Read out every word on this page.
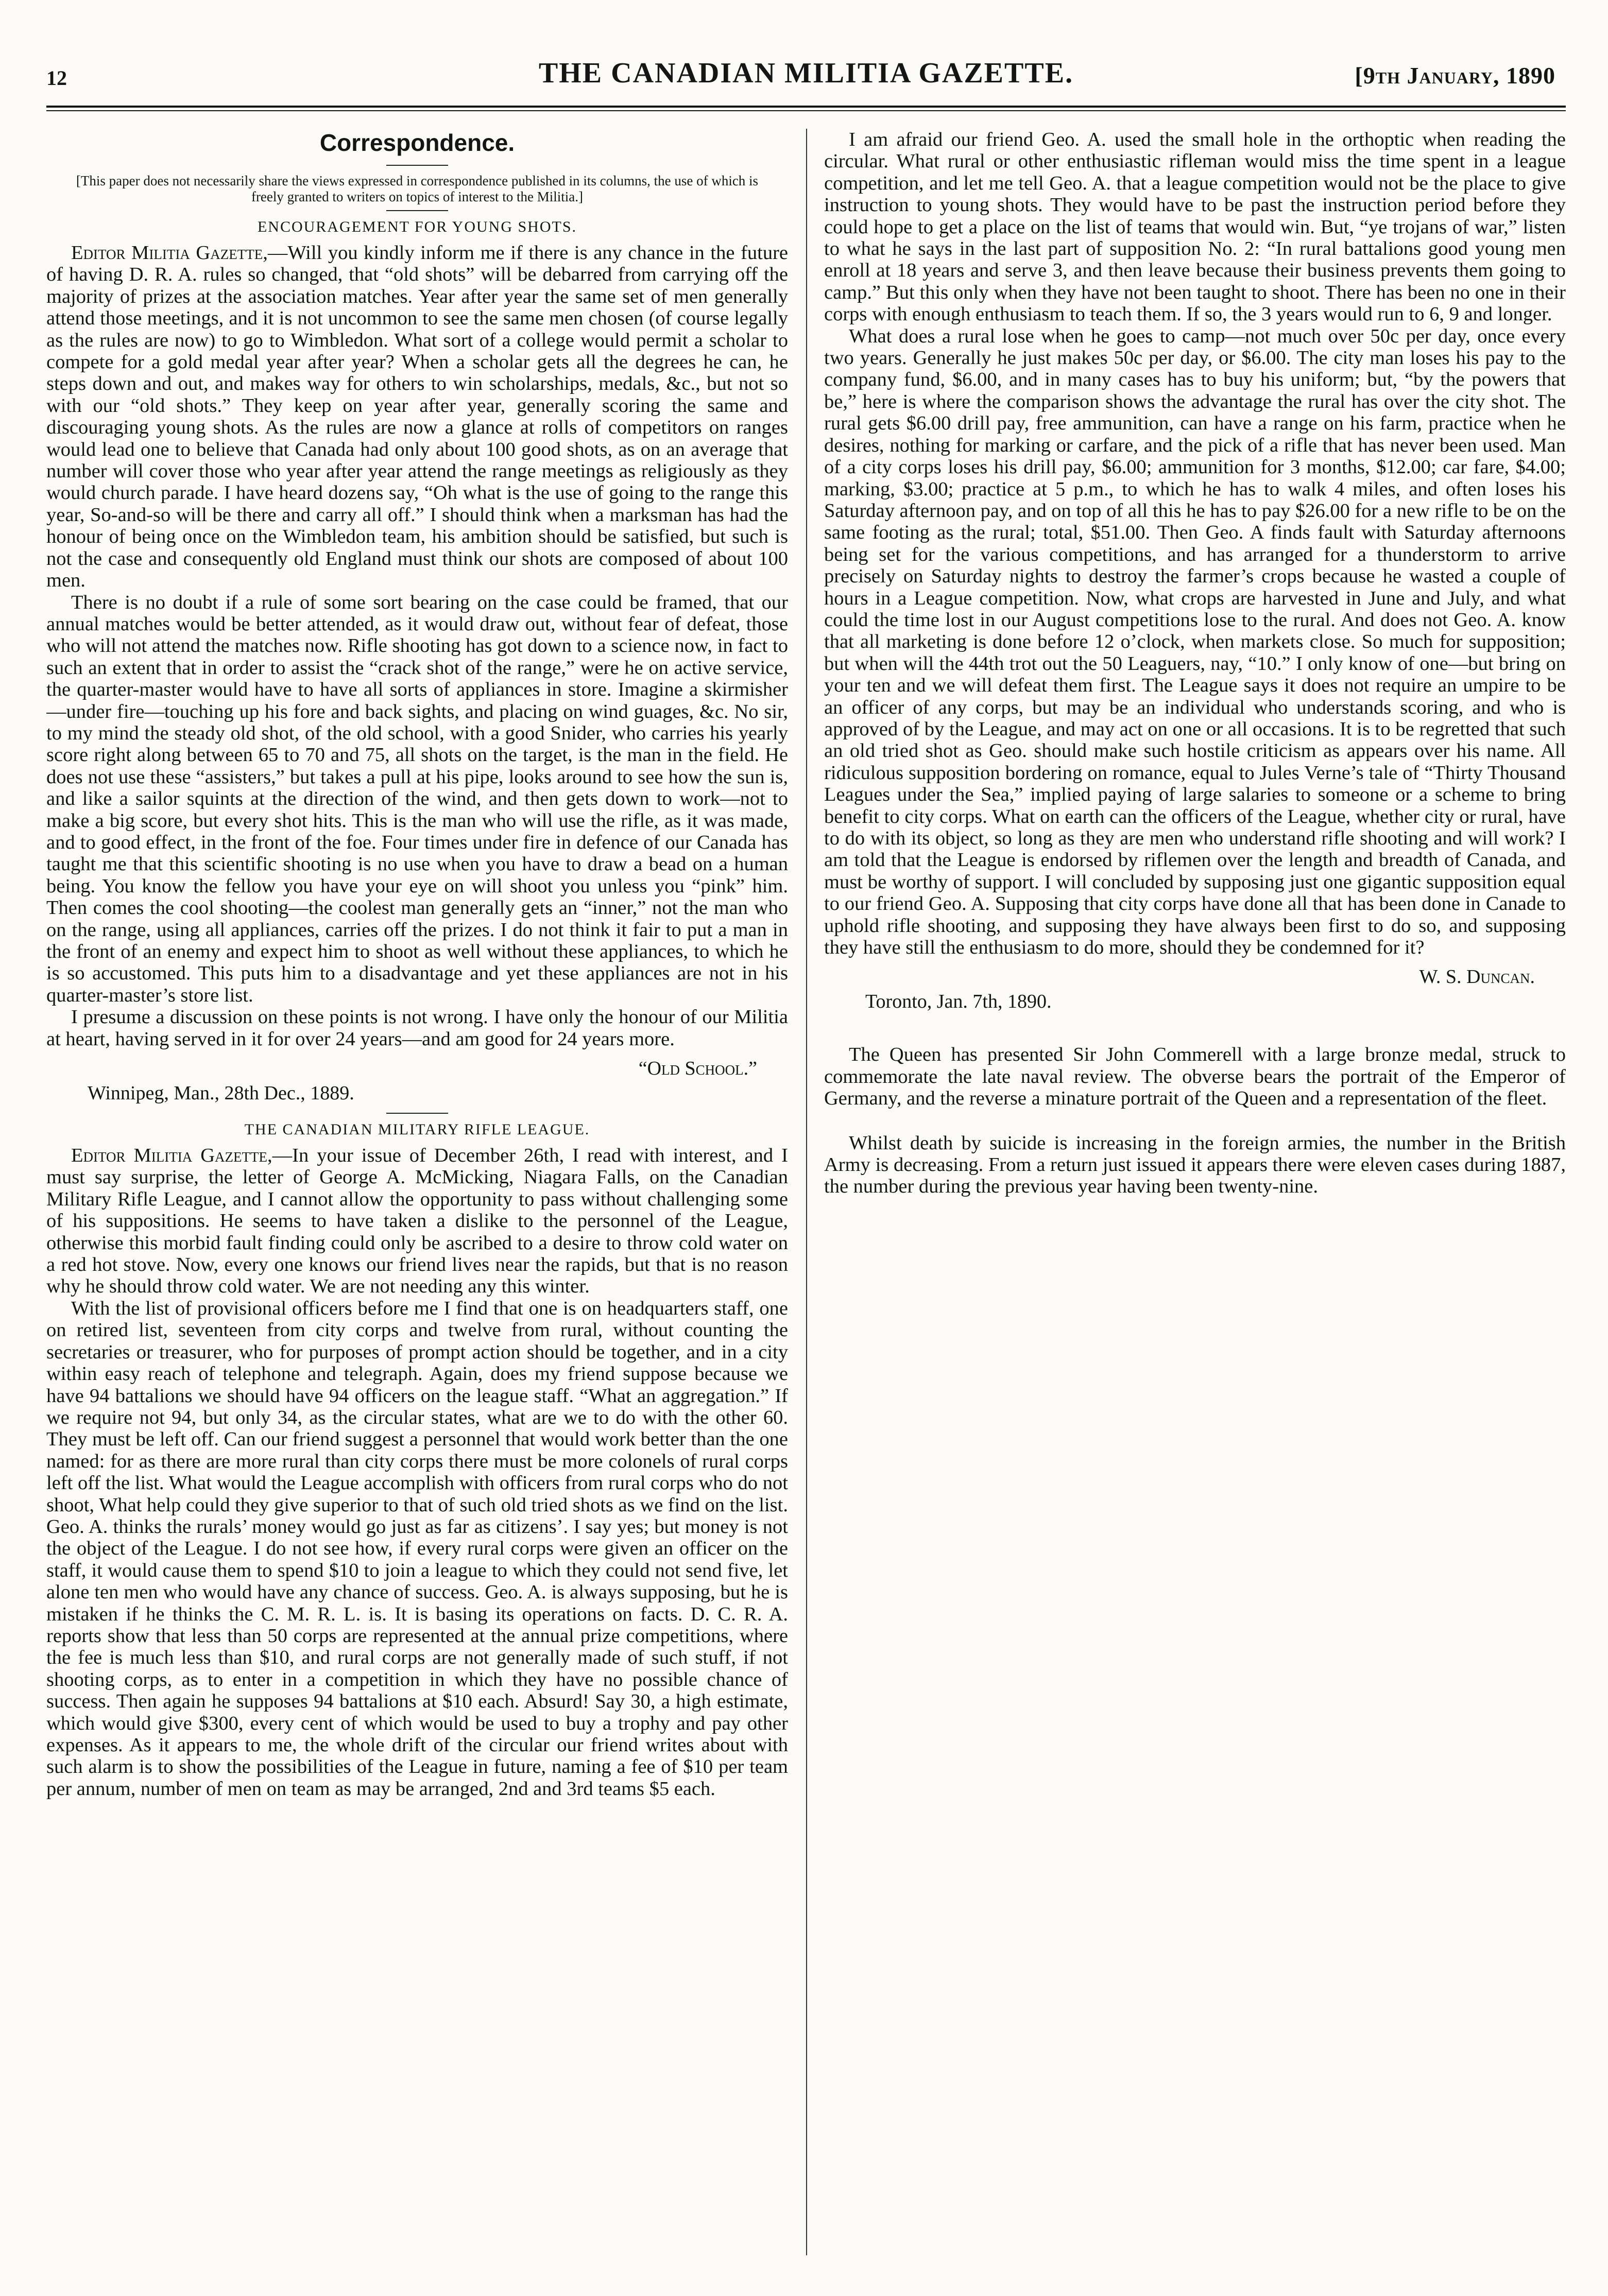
12	THE CANADIAN MILITIA GAZETTE.	[9th January, 1890
Correspondence.
[This paper does not necessarily share the views expressed in correspondence published in its columns, the use of which is freely granted to writers on topics of interest to the Militia.]
ENCOURAGEMENT FOR YOUNG SHOTS.

Editor Militia Gazette,—Will you kindly inform me if there is any chance in the future of having D. R. A. rules so changed, that “old shots” will be debarred from carrying off the majority of prizes at the association matches. Year after year the same set of men generally attend those meetings, and it is not uncommon to see the same men chosen (of course legally as the rules are now) to go to Wimbledon. What sort of a college would permit a scholar to compete for a gold medal year after year? When a scholar gets all the degrees he can, he steps down and out, and makes way for others to win scholarships, medals, &c., but not so with our “old shots.” They keep on year after year, generally scoring the same and discouraging young shots. As the rules are now a glance at rolls of competitors on ranges would lead one to believe that Canada had only about 100 good shots, as on an average that number will cover those who year after year attend the range meetings as religiously as they would church parade. I have heard dozens say, “Oh what is the use of going to the range this year, So-and-so will be there and carry all off.” I should think when a marksman has had the honour of being once on the Wimbledon team, his ambition should be satisfied, but such is not the case and consequently old England must think our shots are composed of about 100 men.

There is no doubt if a rule of some sort bearing on the case could be framed, that our annual matches would be better attended, as it would draw out, without fear of defeat, those who will not attend the matches now. Rifle shooting has got down to a science now, in fact to such an extent that in order to assist the “crack shot of the range,” were he on active service, the quarter-master would have to have all sorts of appliances in store. Imagine a skirmisher—under fire—touching up his fore and back sights, and placing on wind guages, &c. No sir, to my mind the steady old shot, of the old school, with a good Snider, who carries his yearly score right along between 65 to 70 and 75, all shots on the target, is the man in the field. He does not use these “assisters,” but takes a pull at his pipe, looks around to see how the sun is, and like a sailor squints at the direction of the wind, and then gets down to work—not to make a big score, but every shot hits. This is the man who will use the rifle, as it was made, and to good effect, in the front of the foe. Four times under fire in defence of our Canada has taught me that this scientific shooting is no use when you have to draw a bead on a human being. You know the fellow you have your eye on will shoot you unless you “pink” him. Then comes the cool shooting—the coolest man generally gets an “inner,” not the man who on the range, using all appliances, carries off the prizes. I do not think it fair to put a man in the front of an enemy and expect him to shoot as well without these appliances, to which he is so accustomed. This puts him to a disadvantage and yet these appliances are not in his quarter-master’s store list.

I presume a discussion on these points is not wrong. I have only the honour of our Militia at heart, having served in it for over 24 years—and am good for 24 years more.

“Old School.”
Winnipeg, Man., 28th Dec., 1889.
THE CANADIAN MILITARY RIFLE LEAGUE.

Editor Militia Gazette,—In your issue of December 26th, I read with interest, and I must say surprise, the letter of George A. McMicking, Niagara Falls, on the Canadian Military Rifle League, and I cannot allow the opportunity to pass without challenging some of his suppositions. He seems to have taken a dislike to the personnel of the League, otherwise this morbid fault finding could only be ascribed to a desire to throw cold water on a red hot stove. Now, every one knows our friend lives near the rapids, but that is no reason why he should throw cold water. We are not needing any this winter.

With the list of provisional officers before me I find that one is on headquarters staff, one on retired list, seventeen from city corps and twelve from rural, without counting the secretaries or treasurer, who for purposes of prompt action should be together, and in a city within easy reach of telephone and telegraph. Again, does my friend suppose because we have 94 battalions we should have 94 officers on the league staff. “What an aggregation.” If we require not 94, but only 34, as the circular states, what are we to do with the other 60. They must be left off. Can our friend suggest a personnel that would work better than the one named: for as there are more rural than city corps there must be more colonels of rural corps left off the list. What would the League accomplish with officers from rural corps who do not shoot, What help could they give superior to that of such old tried shots as we find on the list. Geo. A. thinks the rurals’ money would go just as far as citizens’. I say yes; but money is not the object of the League. I do not see how, if every rural corps were given an officer on the staff, it would cause them to spend $10 to join a league to which they could not send five, let alone ten men who would have any chance of success. Geo. A. is always supposing, but he is mistaken if he thinks the C. M. R. L. is. It is basing its operations on facts. D. C. R. A. reports show that less than 50 corps are represented at the annual prize competitions, where the fee is much less than $10, and rural corps are not generally made of such stuff, if not shooting corps, as to enter in a competition in which they have no possible chance of success. Then again he supposes 94 battalions at $10 each. Absurd! Say 30, a high estimate, which would give $300, every cent of which would be used to buy a trophy and pay other expenses. As it appears to me, the whole drift of the circular our friend writes about with such alarm is to show the possibilities of the League in future, naming a fee of $10 per team per annum, number of men on team as may be arranged, 2nd and 3rd teams $5 each.

I am afraid our friend Geo. A. used the small hole in the orthoptic when reading the circular. What rural or other enthusiastic rifleman would miss the time spent in a league competition, and let me tell Geo. A. that a league competition would not be the place to give instruction to young shots. They would have to be past the instruction period before they could hope to get a place on the list of teams that would win. But, “ye trojans of war,” listen to what he says in the last part of supposition No. 2: “In rural battalions good young men enroll at 18 years and serve 3, and then leave because their business prevents them going to camp.” But this only when they have not been taught to shoot. There has been no one in their corps with enough enthusiasm to teach them. If so, the 3 years would run to 6, 9 and longer.

What does a rural lose when he goes to camp—not much over 50c per day, once every two years. Generally he just makes 50c per day, or $6.00. The city man loses his pay to the company fund, $6.00, and in many cases has to buy his uniform; but, “by the powers that be,” here is where the comparison shows the advantage the rural has over the city shot. The rural gets $6.00 drill pay, free ammunition, can have a range on his farm, practice when he desires, nothing for marking or carfare, and the pick of a rifle that has never been used. Man of a city corps loses his drill pay, $6.00; ammunition for 3 months, $12.00; car fare, $4.00; marking, $3.00; practice at 5 p.m., to which he has to walk 4 miles, and often loses his Saturday afternoon pay, and on top of all this he has to pay $26.00 for a new rifle to be on the same footing as the rural; total, $51.00. Then Geo. A finds fault with Saturday afternoons being set for the various competitions, and has arranged for a thunderstorm to arrive precisely on Saturday nights to destroy the farmer’s crops because he wasted a couple of hours in a League competition. Now, what crops are harvested in June and July, and what could the time lost in our August competitions lose to the rural. And does not Geo. A. know that all marketing is done before 12 o’clock, when markets close. So much for supposition; but when will the 44th trot out the 50 Leaguers, nay, “10.” I only know of one—but bring on your ten and we will defeat them first. The League says it does not require an umpire to be an officer of any corps, but may be an individual who understands scoring, and who is approved of by the League, and may act on one or all occasions. It is to be regretted that such an old tried shot as Geo. should make such hostile criticism as appears over his name. All ridiculous supposition bordering on romance, equal to Jules Verne’s tale of “Thirty Thousand Leagues under the Sea,” implied paying of large salaries to someone or a scheme to bring benefit to city corps. What on earth can the officers of the League, whether city or rural, have to do with its object, so long as they are men who understand rifle shooting and will work? I am told that the League is endorsed by riflemen over the length and breadth of Canada, and must be worthy of support. I will concluded by supposing just one gigantic supposition equal to our friend Geo. A. Supposing that city corps have done all that has been done in Canade to uphold rifle shooting, and supposing they have always been first to do so, and supposing they have still the enthusiasm to do more, should they be condemned for it?

W. S. Duncan.
Toronto, Jan. 7th, 1890.

The Queen has presented Sir John Commerell with a large bronze medal, struck to commemorate the late naval review. The obverse bears the portrait of the Emperor of Germany, and the reverse a minature portrait of the Queen and a representation of the fleet.

Whilst death by suicide is increasing in the foreign armies, the number in the British Army is decreasing. From a return just issued it appears there were eleven cases during 1887, the number during the previous year having been twenty-nine.
